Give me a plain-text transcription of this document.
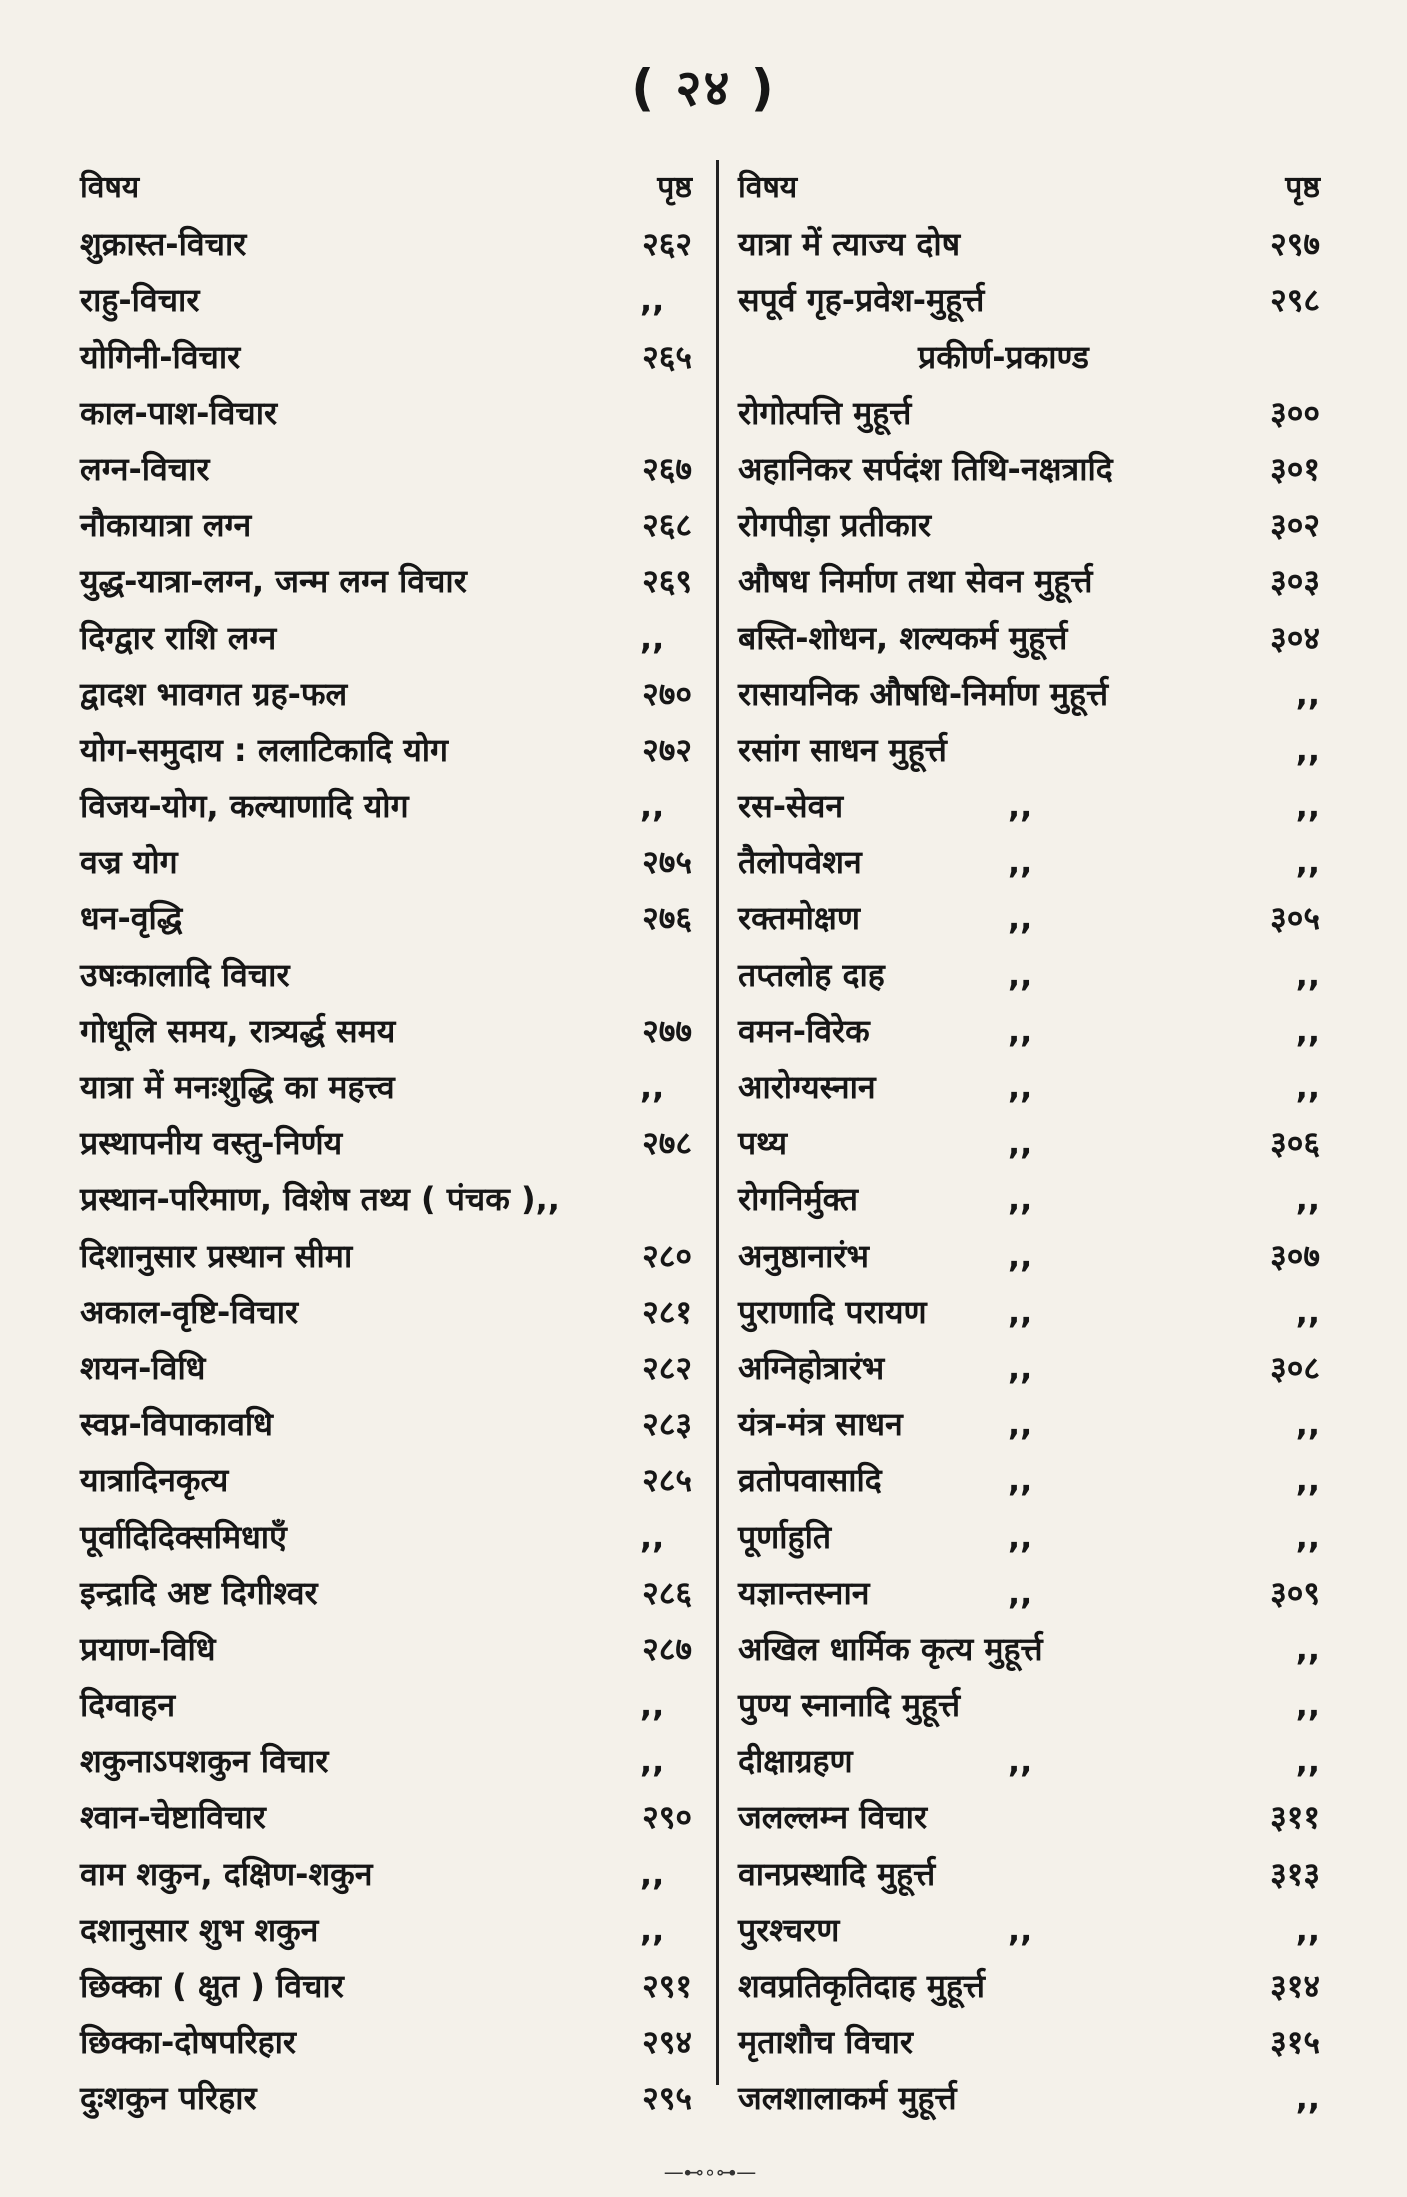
( २४ )
विषय	पृष्ठ
शुक्रास्त-विचार	२६२
राहु-विचार	,,
योगिनी-विचार	२६५
काल-पाश-विचार
लग्न-विचार	२६७
नौकायात्रा लग्न	२६८
युद्ध-यात्रा-लग्न, जन्म लग्न विचार	२६९
दिग्द्वार राशि लग्न	,,
द्वादश भावगत ग्रह-फल	२७०
योग-समुदाय : ललाटिकादि योग	२७२
विजय-योग, कल्याणादि योग	,,
वज्र योग	२७५
धन-वृद्धि	२७६
उषःकालादि विचार
गोधूलि समय, रात्र्यर्द्ध समय	२७७
यात्रा में मनःशुद्धि का महत्त्व	,,
प्रस्थापनीय वस्तु-निर्णय	२७८
प्रस्थान-परिमाण, विशेष तथ्य ( पंचक ),,
दिशानुसार प्रस्थान सीमा	२८०
अकाल-वृष्टि-विचार	२८१
शयन-विधि	२८२
स्वप्न-विपाकावधि	२८३
यात्रादिनकृत्य	२८५
पूर्वादिदिक्समिधाएँ	,,
इन्द्रादि अष्ट दिगीश्वर	२८६
प्रयाण-विधि	२८७
दिग्वाहन	,,
शकुनाऽपशकुन विचार	,,
श्वान-चेष्टाविचार	२९०
वाम शकुन, दक्षिण-शकुन	,,
दशानुसार शुभ शकुन	,,
छिक्का ( क्षुत ) विचार	२९१
छिक्का-दोषपरिहार	२९४
दुःशकुन परिहार	२९५
विषय	पृष्ठ
यात्रा में त्याज्य दोष	२९७
सपूर्व गृह-प्रवेश-मुहूर्त्त	२९८
प्रकीर्ण-प्रकाण्ड
रोगोत्पत्ति मुहूर्त्त	३००
अहानिकर सर्पदंश तिथि-नक्षत्रादि	३०१
रोगपीड़ा प्रतीकार	३०२
औषध निर्माण तथा सेवन मुहूर्त्त	३०३
बस्ति-शोधन, शल्यकर्म मुहूर्त्त	३०४
रासायनिक औषधि-निर्माण मुहूर्त्त	,,
रसांग साधन मुहूर्त्त	,,
रस-सेवन	,,	,,
तैलोपवेशन	,,	,,
रक्तमोक्षण	,,	३०५
तप्तलोह दाह	,,	,,
वमन-विरेक	,,	,,
आरोग्यस्नान	,,	,,
पथ्य	,,	३०६
रोगनिर्मुक्त	,,	,,
अनुष्ठानारंभ	,,	३०७
पुराणादि परायण	,,	,,
अग्निहोत्रारंभ	,,	३०८
यंत्र-मंत्र साधन	,,	,,
व्रतोपवासादि	,,	,,
पूर्णाहुति	,,	,,
यज्ञान्तस्नान	,,	३०९
अखिल धार्मिक कृत्य मुहूर्त्त	,,
पुण्य स्नानादि मुहूर्त्त	,,
दीक्षाग्रहण	,,	,,
जलल्लम्न विचार	३११
वानप्रस्थादि मुहूर्त्त	३१३
पुरश्चरण	,,	,,
शवप्रतिकृतिदाह मुहूर्त्त	३१४
मृताशौच विचार	३१५
जलशालाकर्म मुहूर्त्त	,,
—⊷∘⊶—
